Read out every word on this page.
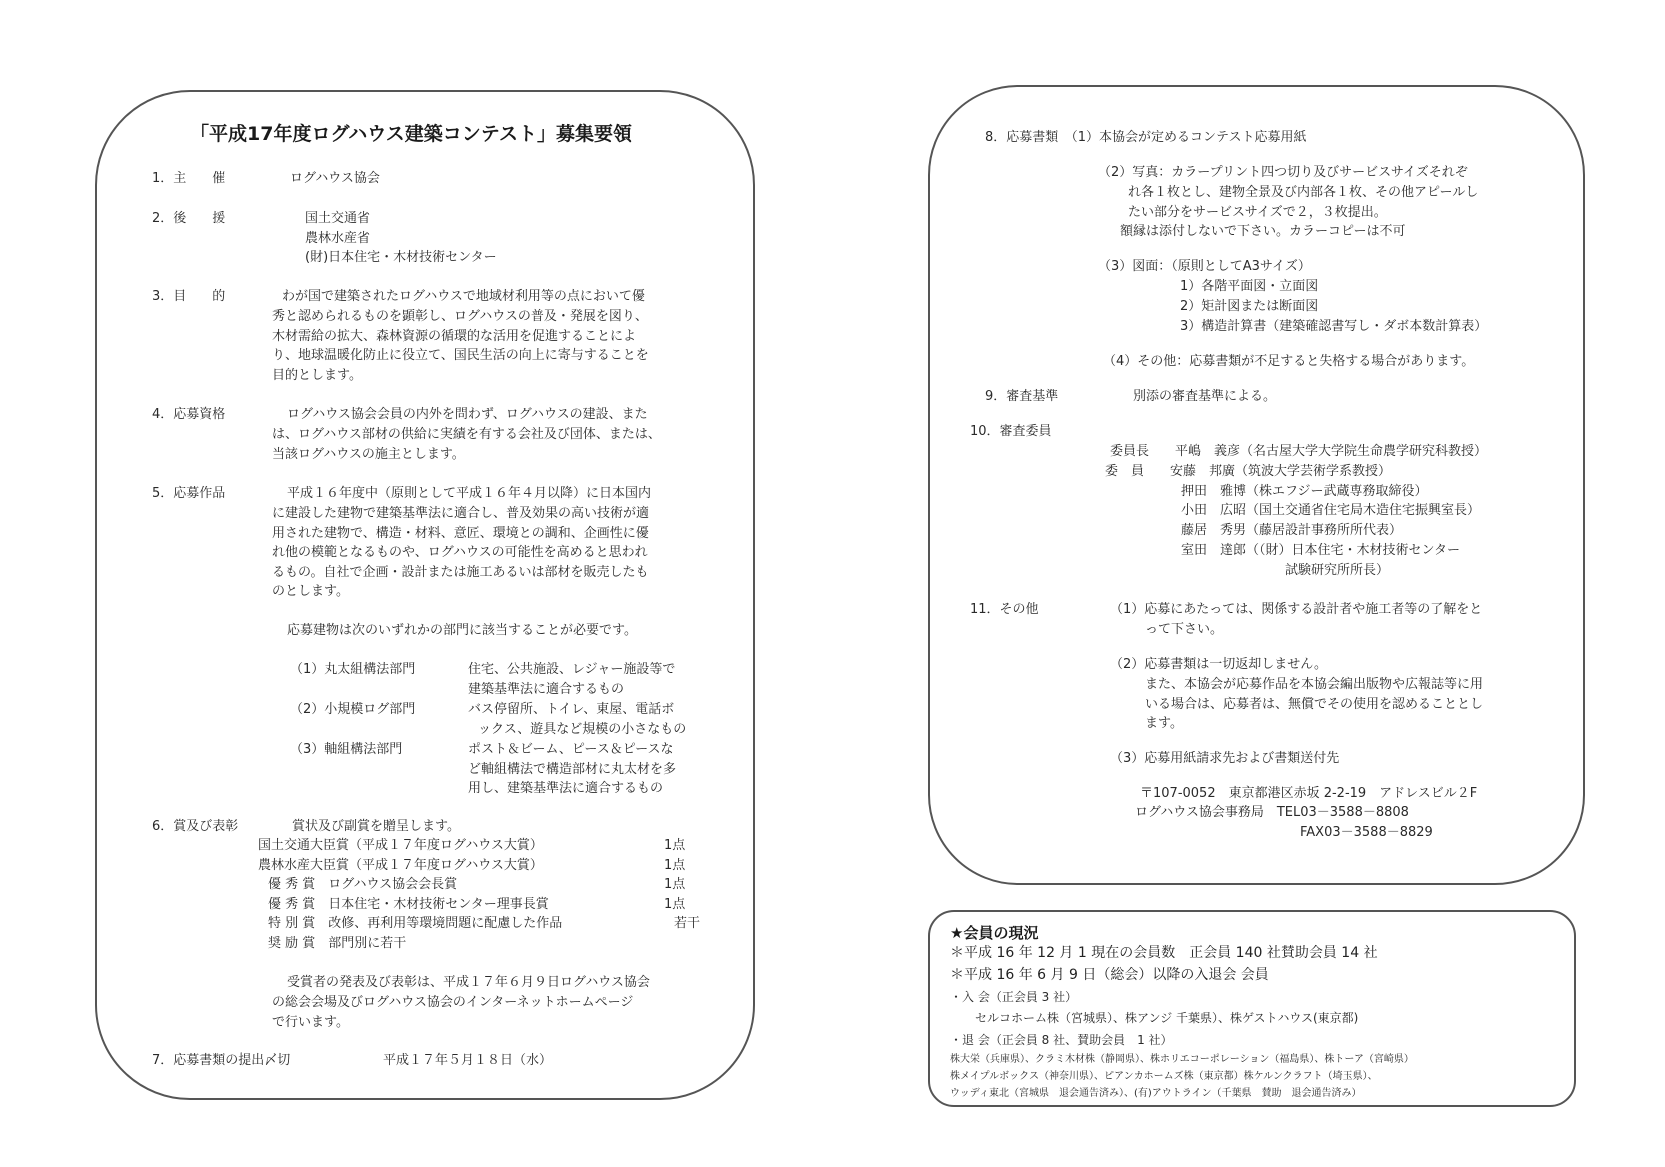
「平成17年度ログハウス建築コンテスト」募集要領
1．主　　催	ログハウス協会
2．後　　援	国土交通省
農林水産省
(財)日本住宅・木材技術センター
3．目　　的	わが国で建築されたログハウスで地域材利用等の点において優
秀と認められるものを顕彰し、ログハウスの普及・発展を図り、
木材需給の拡大、森林資源の循環的な活用を促進することによ
り、地球温暖化防止に役立て、国民生活の向上に寄与することを
目的とします。
4．応募資格	ログハウス協会会員の内外を問わず、ログハウスの建設、また
は、ログハウス部材の供給に実績を有する会社及び団体、または、
当該ログハウスの施主とします。
5．応募作品	平成１６年度中（原則として平成１６年４月以降）に日本国内
に建設した建物で建築基準法に適合し、普及効果の高い技術が適
用された建物で、構造・材料、意匠、環境との調和、企画性に優
れ他の模範となるものや、ログハウスの可能性を高めると思われ
るもの。自社で企画・設計または施工あるいは部材を販売したも
のとします。
応募建物は次のいずれかの部門に該当することが必要です。
（1）丸太組構法部門	住宅、公共施設、レジャー施設等で
建築基準法に適合するもの
（2）小規模ログ部門	バス停留所、トイレ、東屋、電話ボ
ックス、遊具など規模の小さなもの
（3）軸組構法部門	ポスト＆ビーム、ピース＆ピースな
ど軸組構法で構造部材に丸太材を多
用し、建築基準法に適合するもの
6．賞及び表彰	賞状及び副賞を贈呈します。
国土交通大臣賞（平成１７年度ログハウス大賞）	1点
農林水産大臣賞（平成１７年度ログハウス大賞）	1点
優 秀 賞　ログハウス協会会長賞	1点
優 秀 賞　日本住宅・木材技術センター理事長賞	1点
特 別 賞　改修、再利用等環境問題に配慮した作品	若干
奨 励 賞　部門別に若干
受賞者の発表及び表彰は、平成１７年６月９日ログハウス協会
の総会会場及びログハウス協会のインターネットホームページ
で行います。
7．応募書類の提出〆切	平成１７年５月１８日（水）
8．応募書類　（1）本協会が定めるコンテスト応募用紙
（2）写真：カラープリント四つ切り及びサービスサイズそれぞ
れ各１枚とし、建物全景及び内部各１枚、その他アピールし
たい部分をサービスサイズで２，３枚提出。
額縁は添付しないで下さい。カラーコピーは不可
（3）図面：（原則としてA3サイズ）
1）各階平面図・立面図
2）矩計図または断面図
3）構造計算書（建築確認書写し・ダボ本数計算表）
（4）その他：応募書類が不足すると失格する場合があります。
9．審査基準	別添の審査基準による。
10．審査委員
委員長　　平嶋　義彦（名古屋大学大学院生命農学研究科教授）
委　員　　安藤　邦廣（筑波大学芸術学系教授）
押田　雅博（株エフジー武蔵専務取締役）
小田　広昭（国土交通省住宅局木造住宅振興室長）
藤居　秀男（藤居設計事務所所代表）
室田　達郎（（財）日本住宅・木材技術センター
試験研究所所長）
11．その他	（1）応募にあたっては、関係する設計者や施工者等の了解をと
って下さい。
（2）応募書類は一切返却しません。
また、本協会が応募作品を本協会編出版物や広報誌等に用
いる場合は、応募者は、無償でその使用を認めることとし
ます。
（3）応募用紙請求先および書類送付先
〒107-0052　東京都港区赤坂 2-2-19　アドレスビル２F
ログハウス協会事務局　TEL03－3588－8808
FAX03－3588－8829
★会員の現況
＊平成 16 年 12 月 1 現在の会員数　正会員 140 社賛助会員 14 社
＊平成 16 年 6 月 9 日（総会）以降の入退会 会員
・入 会（正会員 3 社）
セルコホーム株（宮城県）、株アンジ 千葉県）、株ゲストハウス(東京都)
・退 会（正会員 8 社、賛助会員　1 社）
株大栄（兵庫県）、クラミ木材株（静岡県）、株ホリエコーポレーション（福島県）、株トーア（宮崎県）
株メイプルボックス（神奈川県）、ピアンカホームズ株（東京都）株ケルンクラフト（埼玉県）、
ウッディ東北（宮城県　退会通告済み）、(有)アウトライン（千葉県　賛助　退会通告済み）
